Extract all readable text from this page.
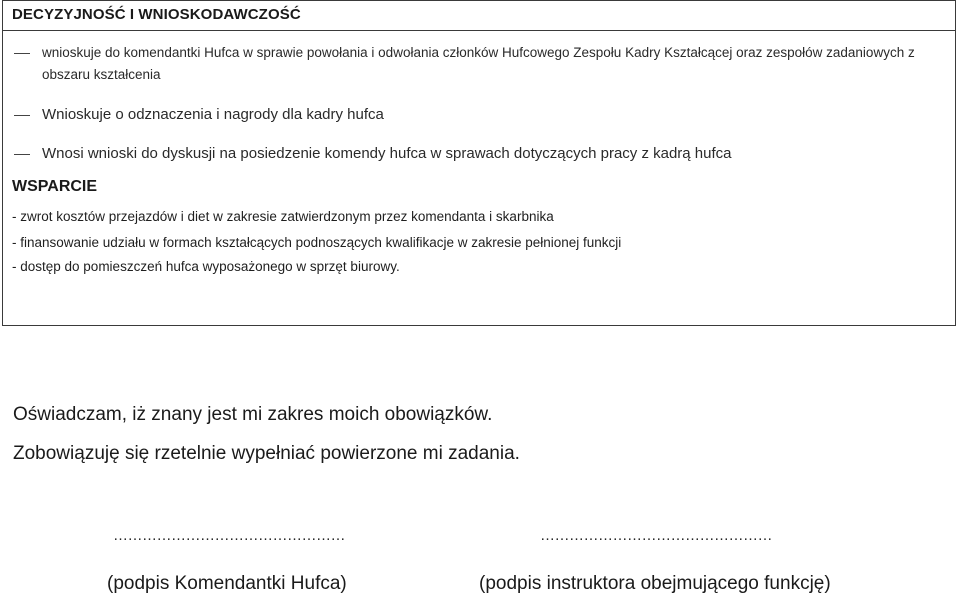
DECYZYJNOŚĆ I WNIOSKODAWCZOŚĆ
wnioskuje do komendantki Hufca w sprawie powołania i odwołania członków Hufcowego Zespołu Kadry Kształcącej oraz zespołów zadaniowych z obszaru kształcenia
Wnioskuje o odznaczenia i nagrody dla kadry hufca
Wnosi wnioski do dyskusji na posiedzenie komendy hufca w sprawach dotyczących pracy z kadrą hufca
WSPARCIE
- zwrot kosztów przejazdów i diet w zakresie zatwierdzonym przez komendanta i skarbnika
- finansowanie udziału w formach kształcących podnoszących kwalifikacje w zakresie pełnionej funkcji
- dostęp do pomieszczeń hufca wyposażonego w sprzęt biurowy.
Oświadczam, iż znany jest mi zakres moich obowiązków.
Zobowiązuję się rzetelnie wypełniać powierzone mi zadania.
…………………………………………
(podpis Komendantki Hufca)
…………………………………………
(podpis instruktora obejmującego funkcję)
